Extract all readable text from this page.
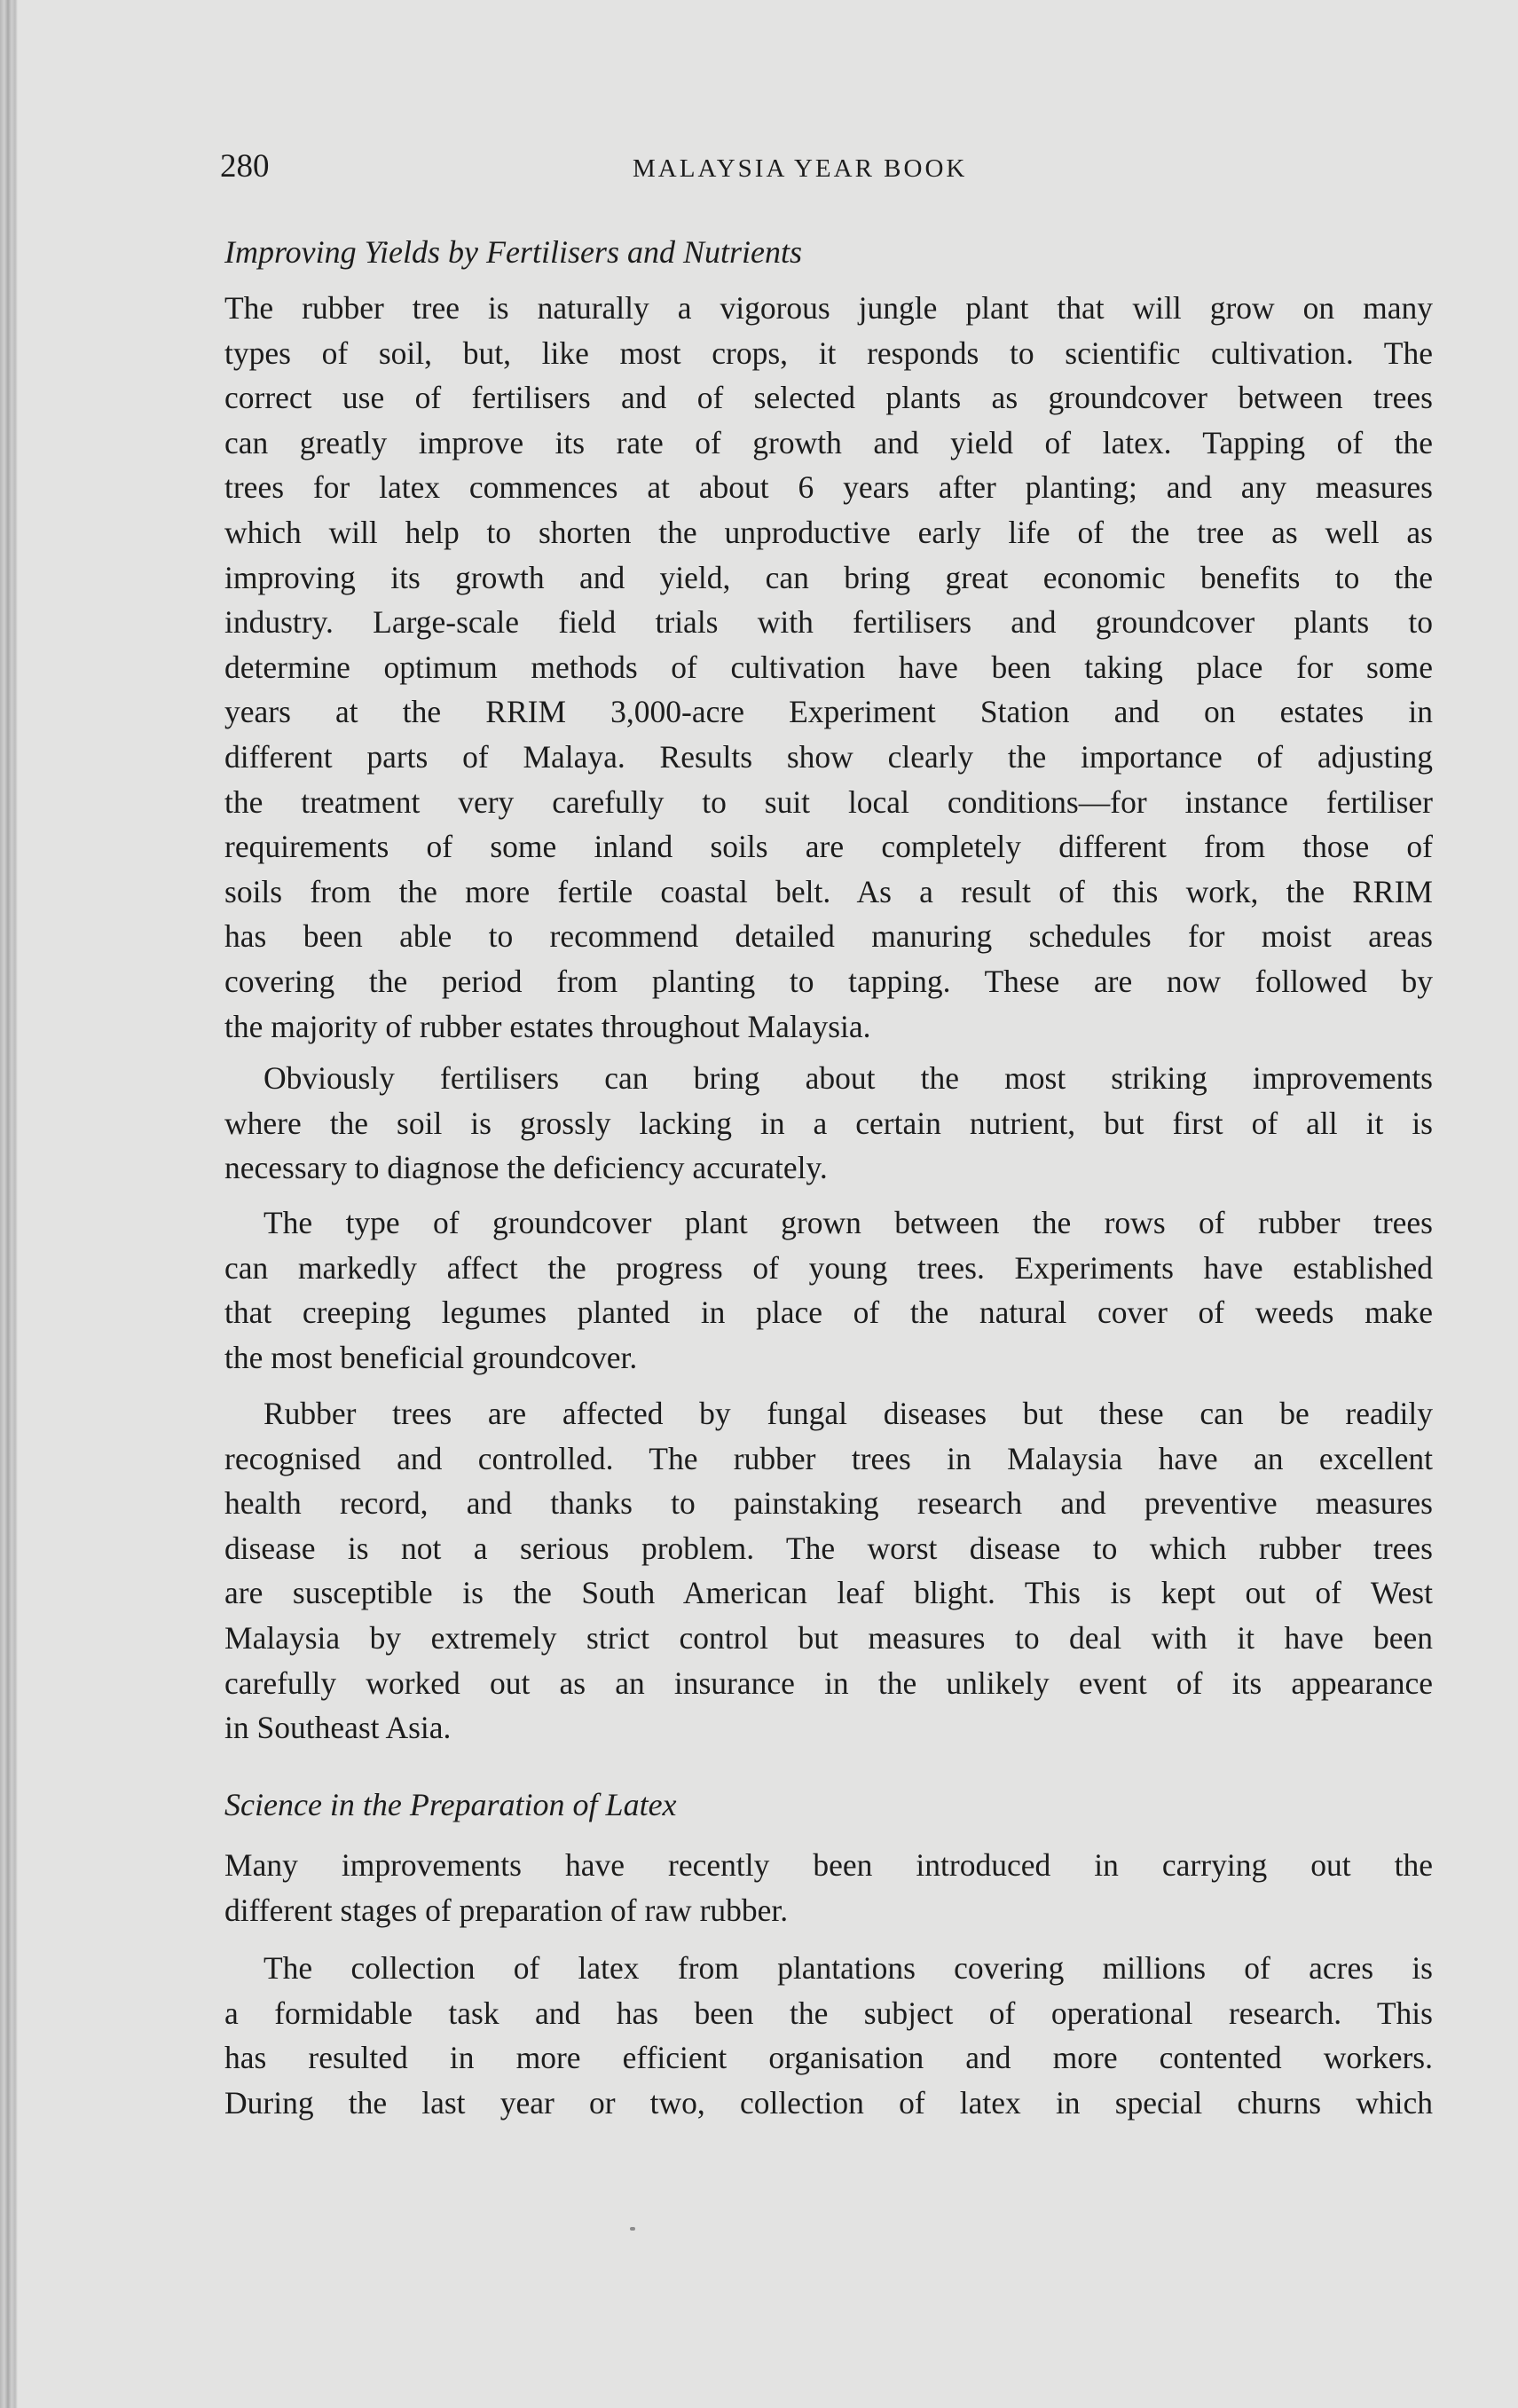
280	MALAYSIA YEAR BOOK
Improving Yields by Fertilisers and Nutrients

The rubber tree is naturally a vigorous jungle plant that will grow on many
types of soil, but, like most crops, it responds to scientific cultivation. The
correct use of fertilisers and of selected plants as groundcover between trees
can greatly improve its rate of growth and yield of latex. Tapping of the
trees for latex commences at about 6 years after planting; and any measures
which will help to shorten the unproductive early life of the tree as well as
improving its growth and yield, can bring great economic benefits to the
industry. Large-scale field trials with fertilisers and groundcover plants to
determine optimum methods of cultivation have been taking place for some
years at the RRIM 3,000-acre Experiment Station and on estates in
different parts of Malaya. Results show clearly the importance of adjusting
the treatment very carefully to suit local conditions—for instance fertiliser
requirements of some inland soils are completely different from those of
soils from the more fertile coastal belt. As a result of this work, the RRIM
has been able to recommend detailed manuring schedules for moist areas
covering the period from planting to tapping. These are now followed by
the majority of rubber estates throughout Malaysia.

Obviously fertilisers can bring about the most striking improvements
where the soil is grossly lacking in a certain nutrient, but first of all it is
necessary to diagnose the deficiency accurately.

The type of groundcover plant grown between the rows of rubber trees
can markedly affect the progress of young trees. Experiments have established
that creeping legumes planted in place of the natural cover of weeds make
the most beneficial groundcover.

Rubber trees are affected by fungal diseases but these can be readily
recognised and controlled. The rubber trees in Malaysia have an excellent
health record, and thanks to painstaking research and preventive measures
disease is not a serious problem. The worst disease to which rubber trees
are susceptible is the South American leaf blight. This is kept out of West
Malaysia by extremely strict control but measures to deal with it have been
carefully worked out as an insurance in the unlikely event of its appearance
in Southeast Asia.

Science in the Preparation of Latex

Many improvements have recently been introduced in carrying out the
different stages of preparation of raw rubber.

The collection of latex from plantations covering millions of acres is
a formidable task and has been the subject of operational research. This
has resulted in more efficient organisation and more contented workers.
During the last year or two, collection of latex in special churns which
